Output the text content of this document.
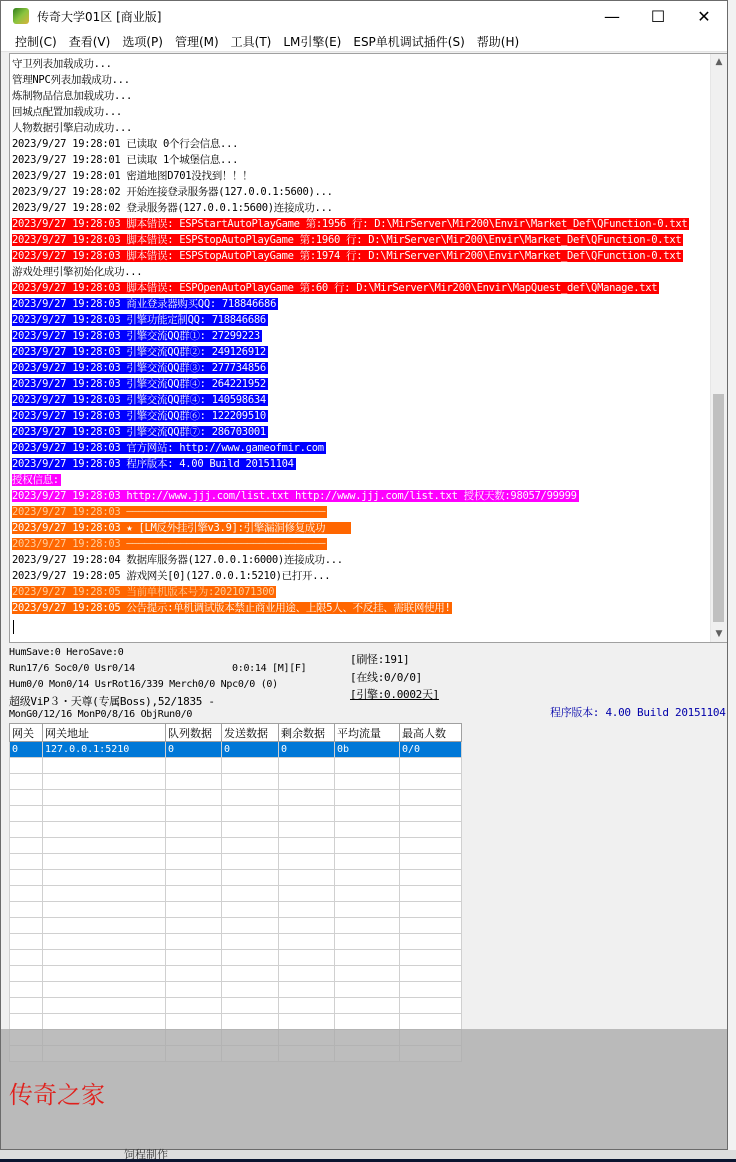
传奇大学01区 [商业版]	—	☐	✕
控制(C)	查看(V)	选项(P)	管理(M)	工具(T)	LM引擎(E)	ESP单机调试插件(S)	帮助(H)
守卫列表加载成功...
管理NPC列表加载成功...
炼制物品信息加载成功...
回城点配置加载成功...
人物数据引擎启动成功...
2023/9/27 19:28:01 已读取 0个行会信息...
2023/9/27 19:28:01 已读取 1个城堡信息...
2023/9/27 19:28:01 密道地图D701没找到！！！
2023/9/27 19:28:02 开始连接登录服务器(127.0.0.1:5600)...
2023/9/27 19:28:02 登录服务器(127.0.0.1:5600)连接成功...
2023/9/27 19:28:03 脚本错误: ESPStartAutoPlayGame 第:1956 行: D:\MirServer\Mir200\Envir\Market_Def\QFunction-0.txt
2023/9/27 19:28:03 脚本错误: ESPStopAutoPlayGame 第:1960 行: D:\MirServer\Mir200\Envir\Market_Def\QFunction-0.txt
2023/9/27 19:28:03 脚本错误: ESPStopAutoPlayGame 第:1974 行: D:\MirServer\Mir200\Envir\Market_Def\QFunction-0.txt
游戏处理引擎初始化成功...
2023/9/27 19:28:03 脚本错误: ESPOpenAutoPlayGame 第:60 行: D:\MirServer\Mir200\Envir\MapQuest_def\QManage.txt
2023/9/27 19:28:03 商业登录器购买QQ: 718846686
2023/9/27 19:28:03 引擎功能定制QQ: 718846686
2023/9/27 19:28:03 引擎交流QQ群①: 27299223
2023/9/27 19:28:03 引擎交流QQ群②: 249126912
2023/9/27 19:28:03 引擎交流QQ群③: 277734856
2023/9/27 19:28:03 引擎交流QQ群④: 264221952
2023/9/27 19:28:03 引擎交流QQ群④: 140598634
2023/9/27 19:28:03 引擎交流QQ群⑥: 122209510
2023/9/27 19:28:03 引擎交流QQ群⑦: 286703001
2023/9/27 19:28:03 官方网站: http://www.gameofmir.com
2023/9/27 19:28:03 程序版本: 4.00 Build 20151104
授权信息:
2023/9/27 19:28:03 http://www.jjj.com/list.txt http://www.jjj.com/list.txt 授权天数:98057/99999
2023/9/27 19:28:03 ─────────────────────────────────
2023/9/27 19:28:03 ★ [LM反外挂引擎v3.9]:引擎漏洞修复成功
2023/9/27 19:28:03 ─────────────────────────────────
2023/9/27 19:28:04 数据库服务器(127.0.0.1:6000)连接成功...
2023/9/27 19:28:05 游戏网关[0](127.0.0.1:5210)已打开...
2023/9/27 19:28:05 当前单机版本号为:2021071300
2023/9/27 19:28:05 公告提示:单机调试版本禁止商业用途、上限5人、不反挂、需联网使用!
▲
▼
HumSave:0 HeroSave:0
Run17/6 Soc0/0 Usr0/14	0:0:14 [M][F]
Hum0/0 Mon0/14 UsrRot16/339 Merch0/0 Npc0/0 (0)
超级ViP３・天尊(专属Boss),52/1835 -
MonG0/12/16 MonP0/8/16 ObjRun0/0
[刷怪:191]
[在线:0/0/0]
[引擎:0.0002天]
程序版本: 4.00 Build 20151104
网关	网关地址	队列数据	发送数据	剩余数据	平均流量	最高人数
0	127.0.0.1:5210	0	0	0	0b	0/0

传奇之家
饲程制作
